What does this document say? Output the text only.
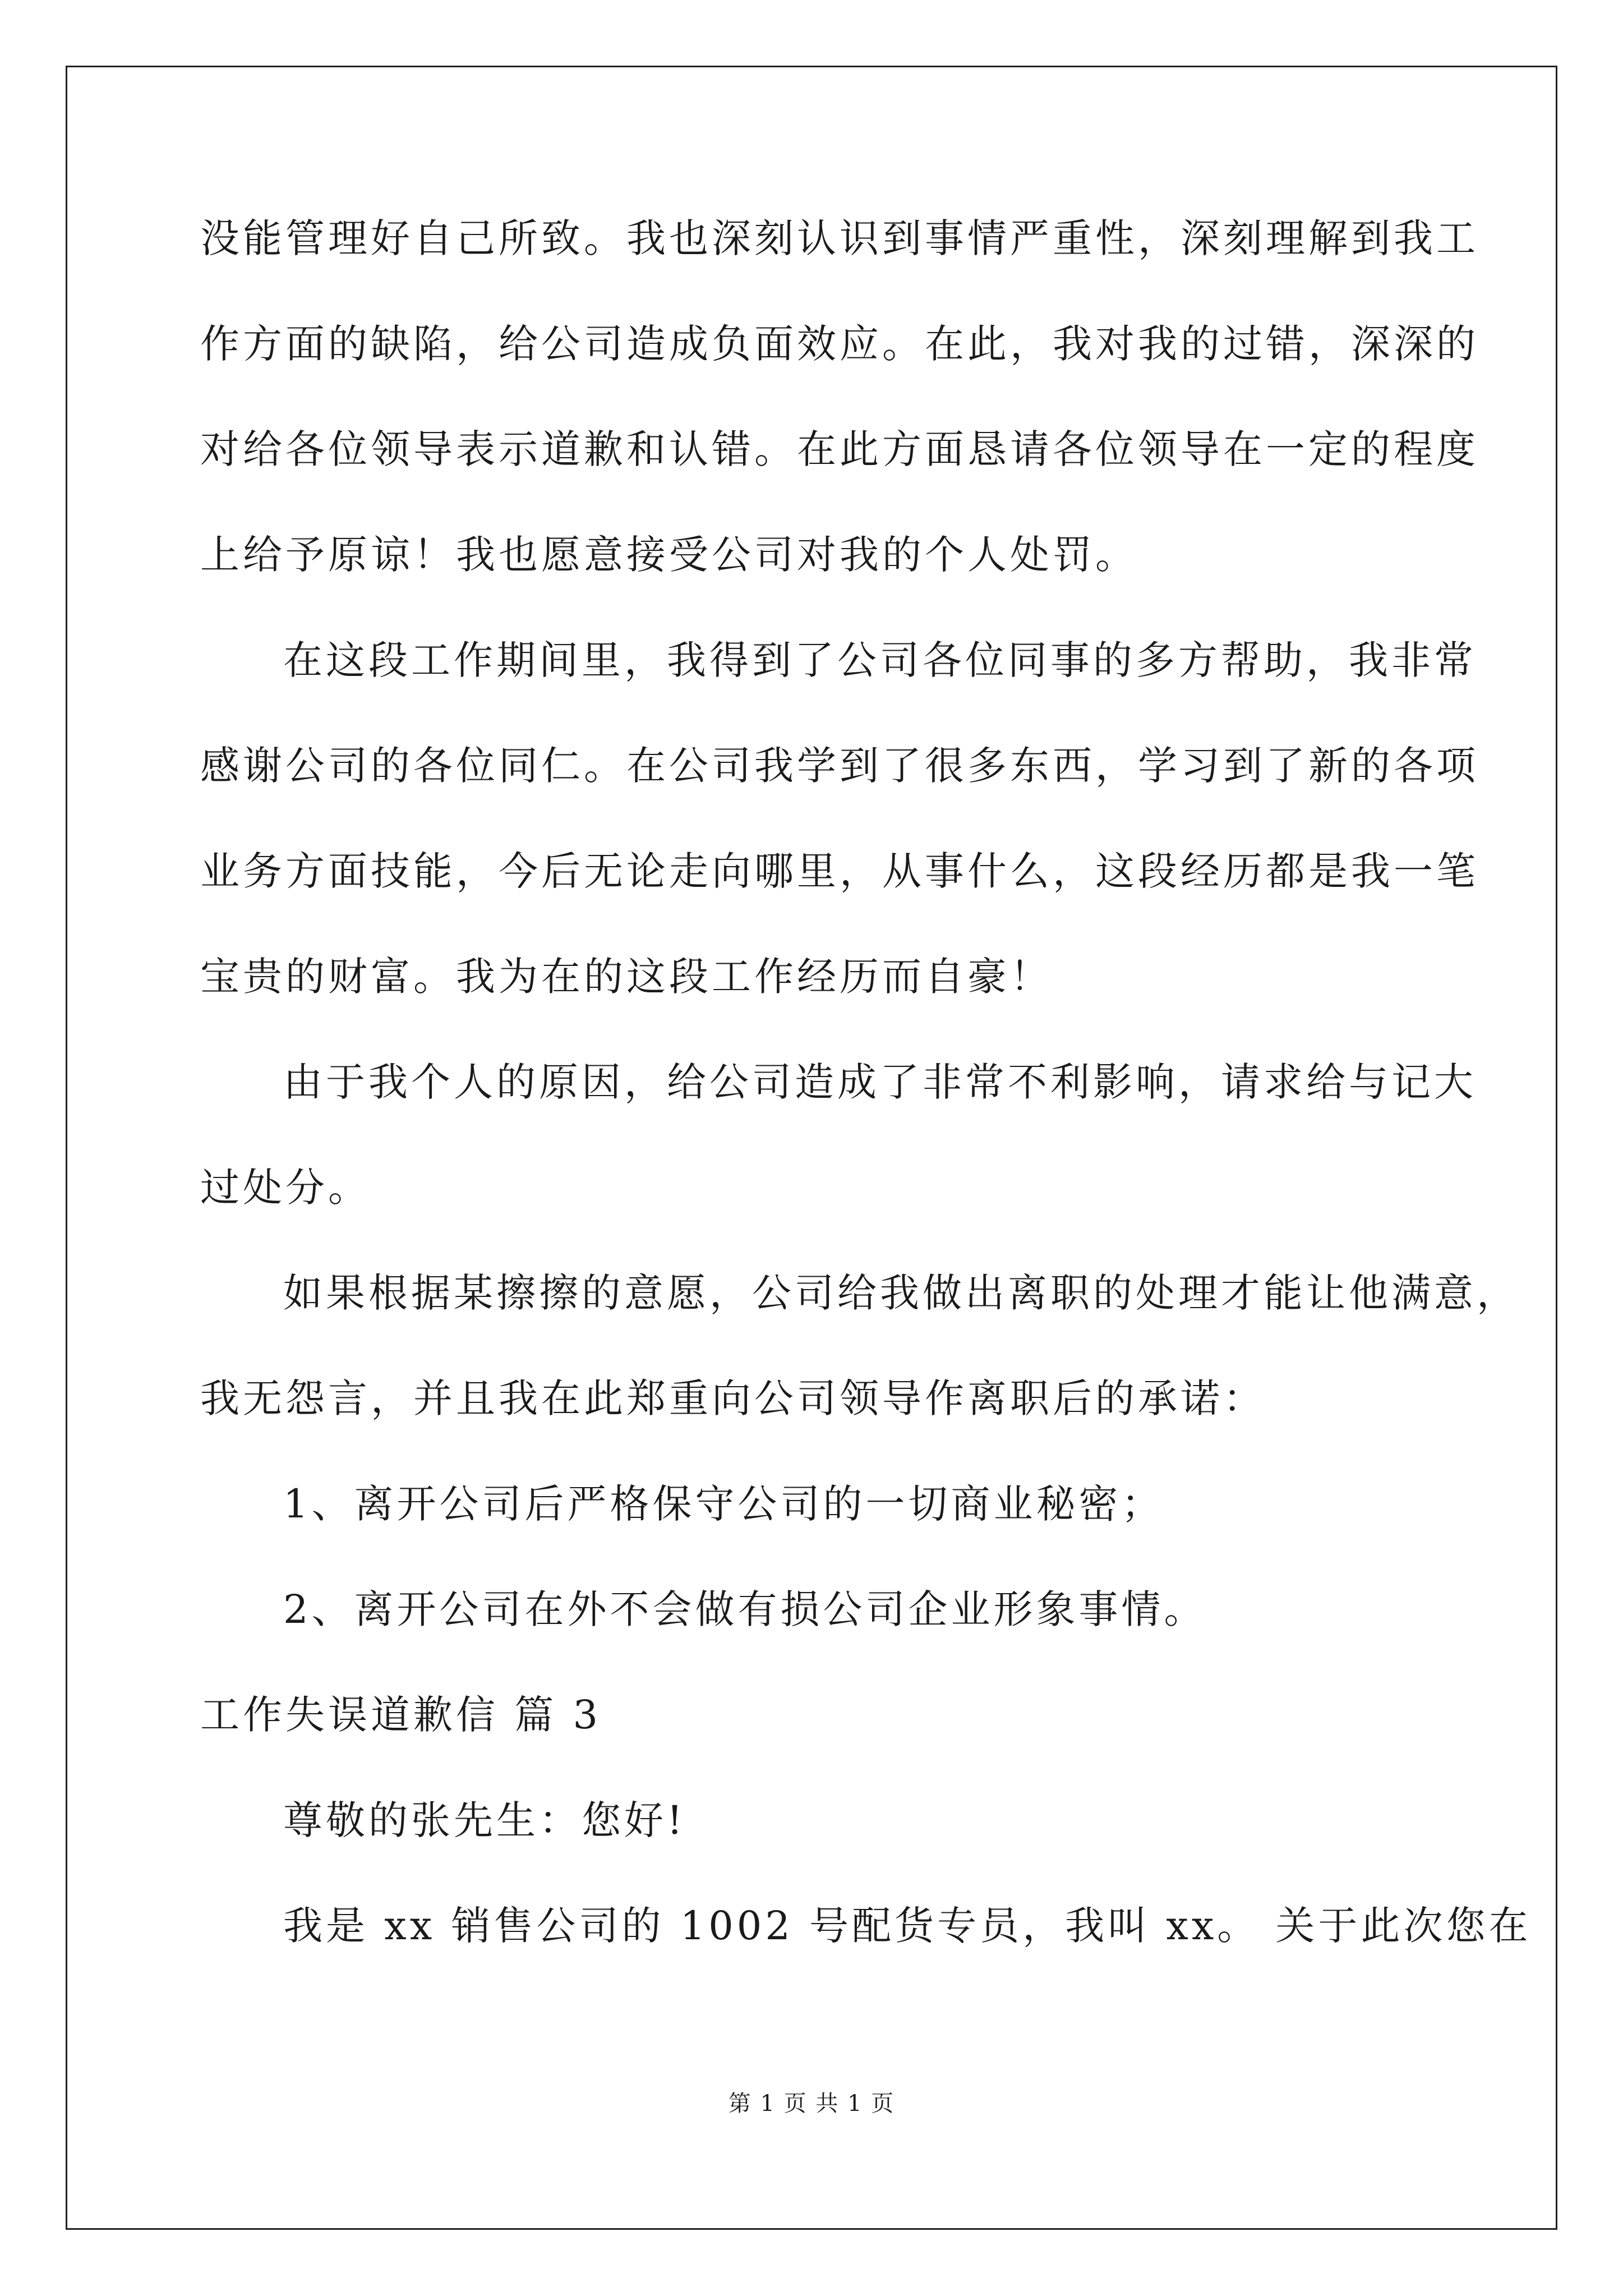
没能管理好自己所致。我也深刻认识到事情严重性，深刻理解到我工
作方面的缺陷，给公司造成负面效应。在此，我对我的过错，深深的
对给各位领导表示道歉和认错。在此方面恳请各位领导在一定的程度
上给予原谅！我也愿意接受公司对我的个人处罚。
在这段工作期间里，我得到了公司各位同事的多方帮助，我非常
感谢公司的各位同仁。在公司我学到了很多东西，学习到了新的各项
业务方面技能，今后无论走向哪里，从事什么，这段经历都是我一笔
宝贵的财富。我为在的这段工作经历而自豪！
由于我个人的原因，给公司造成了非常不利影响，请求给与记大
过处分。
如果根据某擦擦的意愿，公司给我做出离职的处理才能让他满意，
我无怨言，并且我在此郑重向公司领导作离职后的承诺：
1、离开公司后严格保守公司的一切商业秘密；
2、离开公司在外不会做有损公司企业形象事情。
工作失误道歉信 篇 3
尊敬的张先生：您好!
我是 xx 销售公司的 1002 号配货专员，我叫 xx。 关于此次您在
第 1 页 共 1 页
